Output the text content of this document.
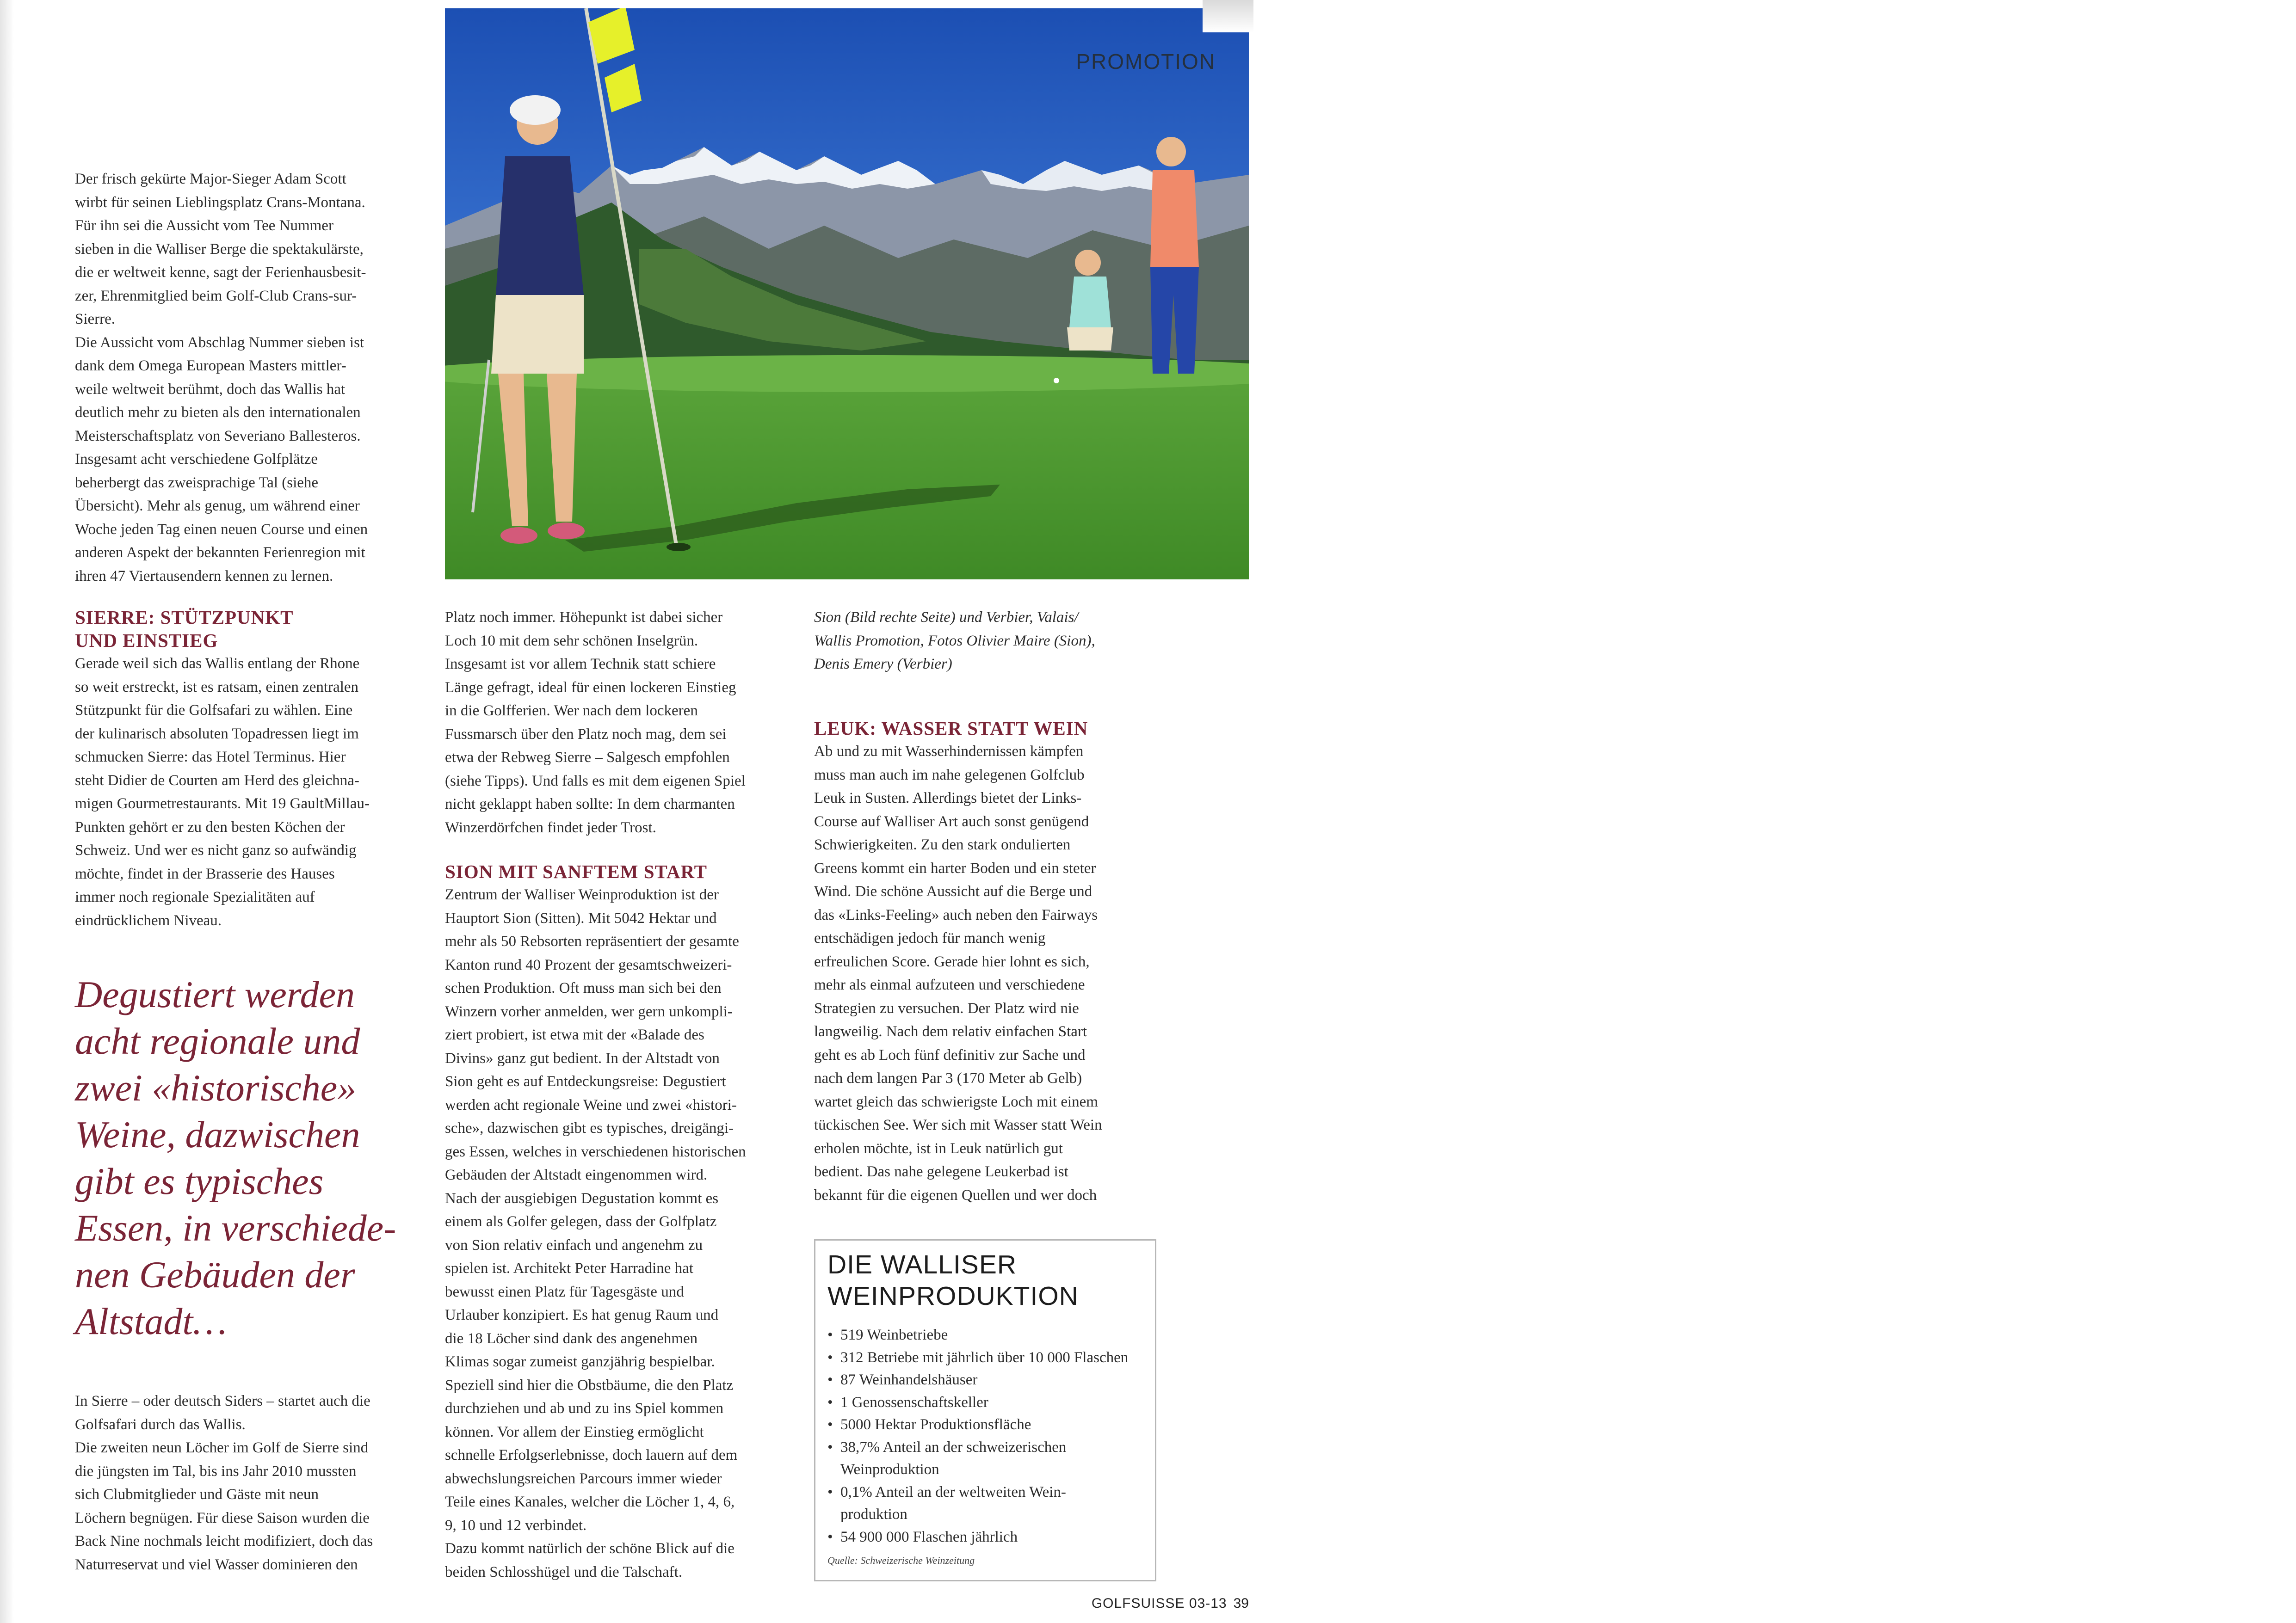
Der frisch gekürte Major-Sieger Adam Scott

wirbt für seinen Lieblingsplatz Crans-Montana.

Für ihn sei die Aussicht vom Tee Nummer

sieben in die Walliser Berge die spektakulärste,

die er weltweit kenne, sagt der Ferienhausbesit-

zer, Ehrenmitglied beim Golf-Club Crans-sur-

Sierre.

Die Aussicht vom Abschlag Nummer sieben ist

dank dem Omega European Masters mittler-

weile weltweit berühmt, doch das Wallis hat

deutlich mehr zu bieten als den internationalen

Meisterschaftsplatz von Severiano Ballesteros.

Insgesamt acht verschiedene Golfplätze

beherbergt das zweisprachige Tal (siehe

Übersicht). Mehr als genug, um während einer

Woche jeden Tag einen neuen Course und einen

anderen Aspekt der bekannten Ferienregion mit

ihren 47 Viertausendern kennen zu lernen.

SIERRE: STÜTZPUNKT

UND EINSTIEG

Gerade weil sich das Wallis entlang der Rhone

so weit erstreckt, ist es ratsam, einen zentralen

Stützpunkt für die Golfsafari zu wählen. Eine

der kulinarisch absoluten Topadressen liegt im

schmucken Sierre: das Hotel Terminus. Hier

steht Didier de Courten am Herd des gleichna-

migen Gourmetrestaurants. Mit 19 GaultMillau-

Punkten gehört er zu den besten Köchen der

Schweiz. Und wer es nicht ganz so aufwändig

möchte, findet in der Brasserie des Hauses

immer noch regionale Spezialitäten auf

eindrücklichem Niveau.

Degustiert werden

acht regionale und

zwei «historische»

Weine, dazwischen

gibt es typisches

Essen, in verschiede-

nen Gebäuden der

Altstadt…

In Sierre – oder deutsch Siders – startet auch die

Golfsafari durch das Wallis.

Die zweiten neun Löcher im Golf de Sierre sind

die jüngsten im Tal, bis ins Jahr 2010 mussten

sich Clubmitglieder und Gäste mit neun

Löchern begnügen. Für diese Saison wurden die

Back Nine nochmals leicht modifiziert, doch das

Naturreservat und viel Wasser dominieren den

PROMOTION

Platz noch immer. Höhepunkt ist dabei sicher

Loch 10 mit dem sehr schönen Inselgrün.

Insgesamt ist vor allem Technik statt schiere

Länge gefragt, ideal für einen lockeren Einstieg

in die Golfferien. Wer nach dem lockeren

Fussmarsch über den Platz noch mag, dem sei

etwa der Rebweg Sierre – Salgesch empfohlen

(siehe Tipps). Und falls es mit dem eigenen Spiel

nicht geklappt haben sollte: In dem charmanten

Winzerdörfchen findet jeder Trost.

SION MIT SANFTEM START

Zentrum der Walliser Weinproduktion ist der

Hauptort Sion (Sitten). Mit 5042 Hektar und

mehr als 50 Rebsorten repräsentiert der gesamte

Kanton rund 40 Prozent der gesamtschweizeri-

schen Produktion. Oft muss man sich bei den

Winzern vorher anmelden, wer gern unkompli-

ziert probiert, ist etwa mit der «Balade des

Divins» ganz gut bedient. In der Altstadt von

Sion geht es auf Entdeckungsreise: Degustiert

werden acht regionale Weine und zwei «histori-

sche», dazwischen gibt es typisches, dreigängi-

ges Essen, welches in verschiedenen historischen

Gebäuden der Altstadt eingenommen wird.

Nach der ausgiebigen Degustation kommt es

einem als Golfer gelegen, dass der Golfplatz

von Sion relativ einfach und angenehm zu

spielen ist. Architekt Peter Harradine hat

bewusst einen Platz für Tagesgäste und

Urlauber konzipiert. Es hat genug Raum und

die 18 Löcher sind dank des angenehmen

Klimas sogar zumeist ganzjährig bespielbar.

Speziell sind hier die Obstbäume, die den Platz

durchziehen und ab und zu ins Spiel kommen

können. Vor allem der Einstieg ermöglicht

schnelle Erfolgserlebnisse, doch lauern auf dem

abwechslungsreichen Parcours immer wieder

Teile eines Kanales, welcher die Löcher 1, 4, 6,

9, 10 und 12 verbindet.

Dazu kommt natürlich der schöne Blick auf die

beiden Schlosshügel und die Talschaft.

Sion (Bild rechte Seite) und Verbier, Valais/

Wallis Promotion, Fotos Olivier Maire (Sion),

Denis Emery (Verbier)

LEUK: WASSER STATT WEIN

Ab und zu mit Wasserhindernissen kämpfen

muss man auch im nahe gelegenen Golfclub

Leuk in Susten. Allerdings bietet der Links-

Course auf Walliser Art auch sonst genügend

Schwierigkeiten. Zu den stark ondulierten

Greens kommt ein harter Boden und ein steter

Wind. Die schöne Aussicht auf die Berge und

das «Links-Feeling» auch neben den Fairways

entschädigen jedoch für manch wenig

erfreulichen Score. Gerade hier lohnt es sich,

mehr als einmal aufzuteen und verschiedene

Strategien zu versuchen. Der Platz wird nie

langweilig. Nach dem relativ einfachen Start

geht es ab Loch fünf definitiv zur Sache und

nach dem langen Par 3 (170 Meter ab Gelb)

wartet gleich das schwierigste Loch mit einem

tückischen See. Wer sich mit Wasser statt Wein

erholen möchte, ist in Leuk natürlich gut

bedient. Das nahe gelegene Leukerbad ist

bekannt für die eigenen Quellen und wer doch

DIE WALLISER
WEINPRODUKTION
• 519 Weinbetriebe
• 312 Betriebe mit jährlich über 10 000 Flaschen
• 87 Weinhandelshäuser
• 1 Genossenschaftskeller
• 5000 Hektar Produktionsfläche
• 38,7% Anteil an der schweizerischen
Weinproduktion
• 0,1% Anteil an der weltweiten Wein-
produktion
• 54 900 000 Flaschen jährlich
Quelle: Schweizerische Weinzeitung
GOLFSUISSE 03-13 39
